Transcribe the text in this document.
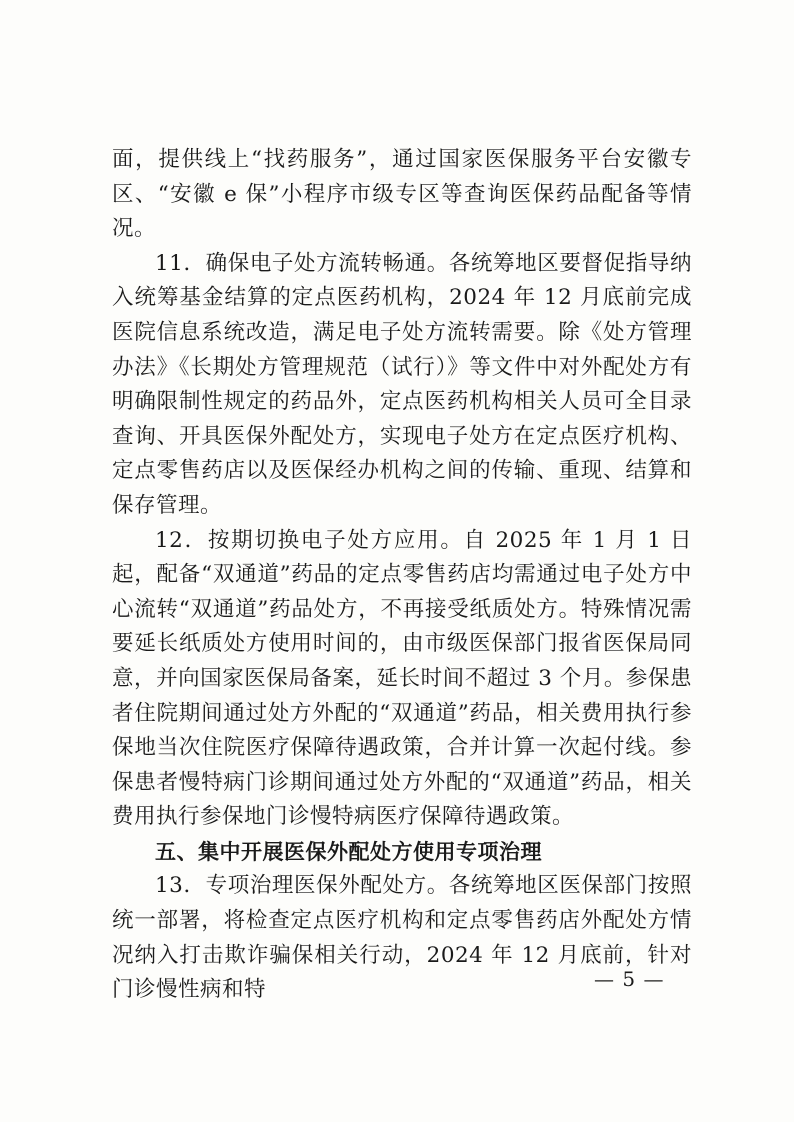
面，提供线上“找药服务”，通过国家医保服务平台安徽专区、“安徽 e 保”小程序市级专区等查询医保药品配备等情况。

11．确保电子处方流转畅通。各统筹地区要督促指导纳入统筹基金结算的定点医药机构，2024 年 12 月底前完成医院信息系统改造，满足电子处方流转需要。除《处方管理办法》《长期处方管理规范（试行）》等文件中对外配处方有明确限制性规定的药品外，定点医药机构相关人员可全目录查询、开具医保外配处方，实现电子处方在定点医疗机构、定点零售药店以及医保经办机构之间的传输、重现、结算和保存管理。

12．按期切换电子处方应用。自 2025 年 1 月 1 日起，配备“双通道”药品的定点零售药店均需通过电子处方中心流转“双通道”药品处方，不再接受纸质处方。特殊情况需要延长纸质处方使用时间的，由市级医保部门报省医保局同意，并向国家医保局备案，延长时间不超过 3 个月。参保患者住院期间通过处方外配的“双通道”药品，相关费用执行参保地当次住院医疗保障待遇政策，合并计算一次起付线。参保患者慢特病门诊期间通过处方外配的“双通道”药品，相关费用执行参保地门诊慢特病医疗保障待遇政策。

五、集中开展医保外配处方使用专项治理

13．专项治理医保外配处方。各统筹地区医保部门按照统一部署，将检查定点医疗机构和定点零售药店外配处方情况纳入打击欺诈骗保相关行动，2024 年 12 月底前，针对门诊慢性病和特	— 5 —
